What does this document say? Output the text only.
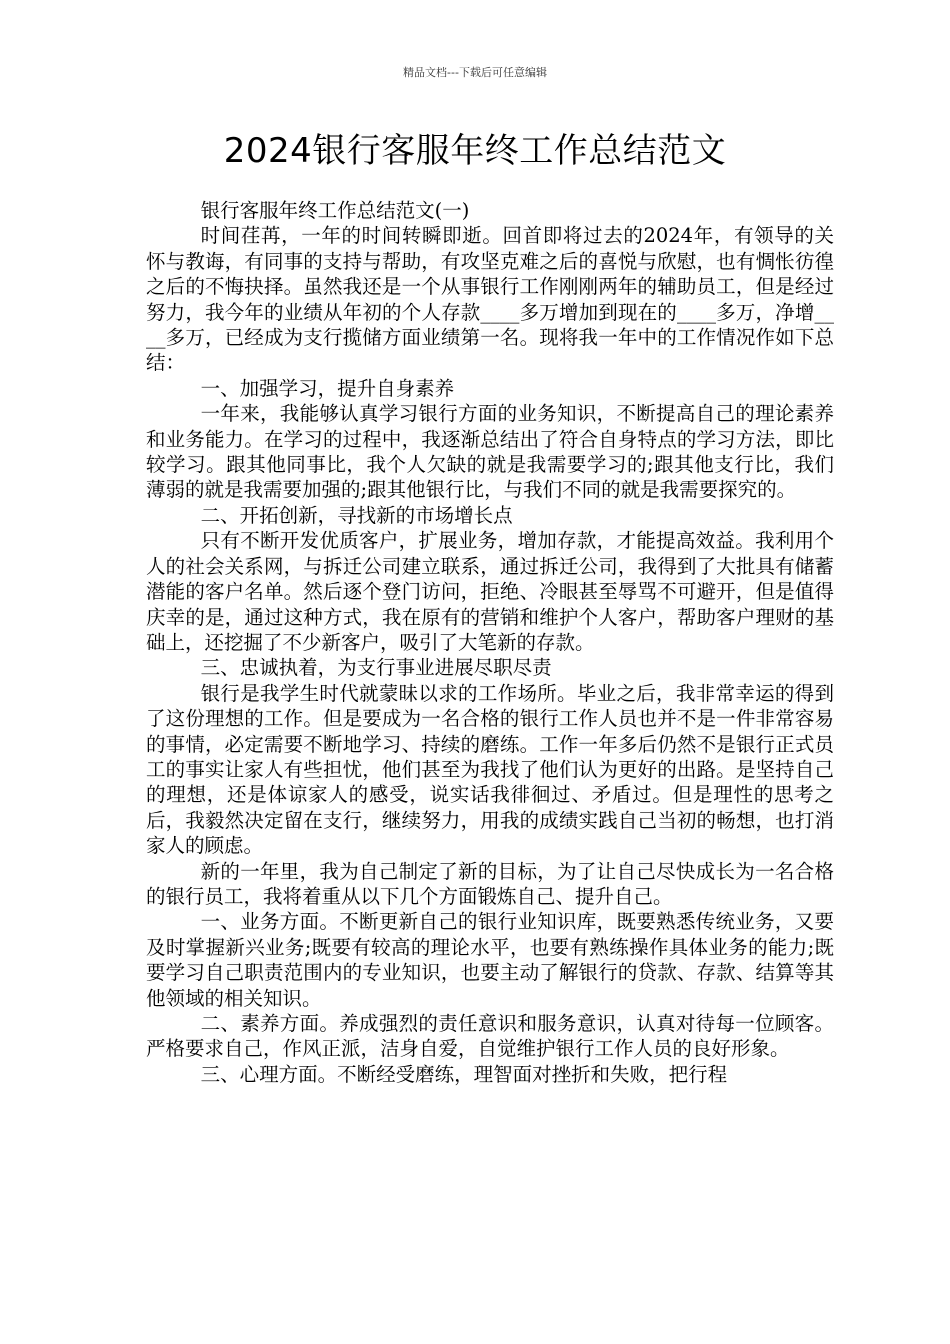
精品文档---下载后可任意编辑
2024银行客服年终工作总结范文

银行客服年终工作总结范文(一)

时间荏苒，一年的时间转瞬即逝。回首即将过去的2024年，有领导的关怀与教诲，有同事的支持与帮助，有攻坚克难之后的喜悦与欣慰，也有惆怅彷徨之后的不悔抉择。虽然我还是一个从事银行工作刚刚两年的辅助员工，但是经过努力，我今年的业绩从年初的个人存款____多万增加到现在的____多万，净增____多万，已经成为支行揽储方面业绩第一名。现将我一年中的工作情况作如下总结：

一、加强学习，提升自身素养

一年来，我能够认真学习银行方面的业务知识，不断提高自己的理论素养和业务能力。在学习的过程中，我逐渐总结出了符合自身特点的学习方法，即比较学习。跟其他同事比，我个人欠缺的就是我需要学习的;跟其他支行比，我们薄弱的就是我需要加强的;跟其他银行比，与我们不同的就是我需要探究的。

二、开拓创新，寻找新的市场增长点

只有不断开发优质客户，扩展业务，增加存款，才能提高效益。我利用个人的社会关系网，与拆迁公司建立联系，通过拆迁公司，我得到了大批具有储蓄潜能的客户名单。然后逐个登门访问，拒绝、冷眼甚至辱骂不可避开，但是值得庆幸的是，通过这种方式，我在原有的营销和维护个人客户，帮助客户理财的基础上，还挖掘了不少新客户，吸引了大笔新的存款。

三、忠诚执着，为支行事业进展尽职尽责

银行是我学生时代就蒙昧以求的工作场所。毕业之后，我非常幸运的得到了这份理想的工作。但是要成为一名合格的银行工作人员也并不是一件非常容易的事情，必定需要不断地学习、持续的磨练。工作一年多后仍然不是银行正式员工的事实让家人有些担忧，他们甚至为我找了他们认为更好的出路。是坚持自己的理想，还是体谅家人的感受，说实话我徘徊过、矛盾过。但是理性的思考之后，我毅然决定留在支行，继续努力，用我的成绩实践自己当初的畅想，也打消家人的顾虑。

新的一年里，我为自己制定了新的目标，为了让自己尽快成长为一名合格的银行员工，我将着重从以下几个方面锻炼自己、提升自己。

一、业务方面。不断更新自己的银行业知识库，既要熟悉传统业务，又要及时掌握新兴业务;既要有较高的理论水平，也要有熟练操作具体业务的能力;既要学习自己职责范围内的专业知识，也要主动了解银行的贷款、存款、结算等其他领域的相关知识。

二、素养方面。养成强烈的责任意识和服务意识，认真对待每一位顾客。严格要求自己，作风正派，洁身自爱，自觉维护银行工作人员的良好形象。

三、心理方面。不断经受磨练，理智面对挫折和失败，把行程
